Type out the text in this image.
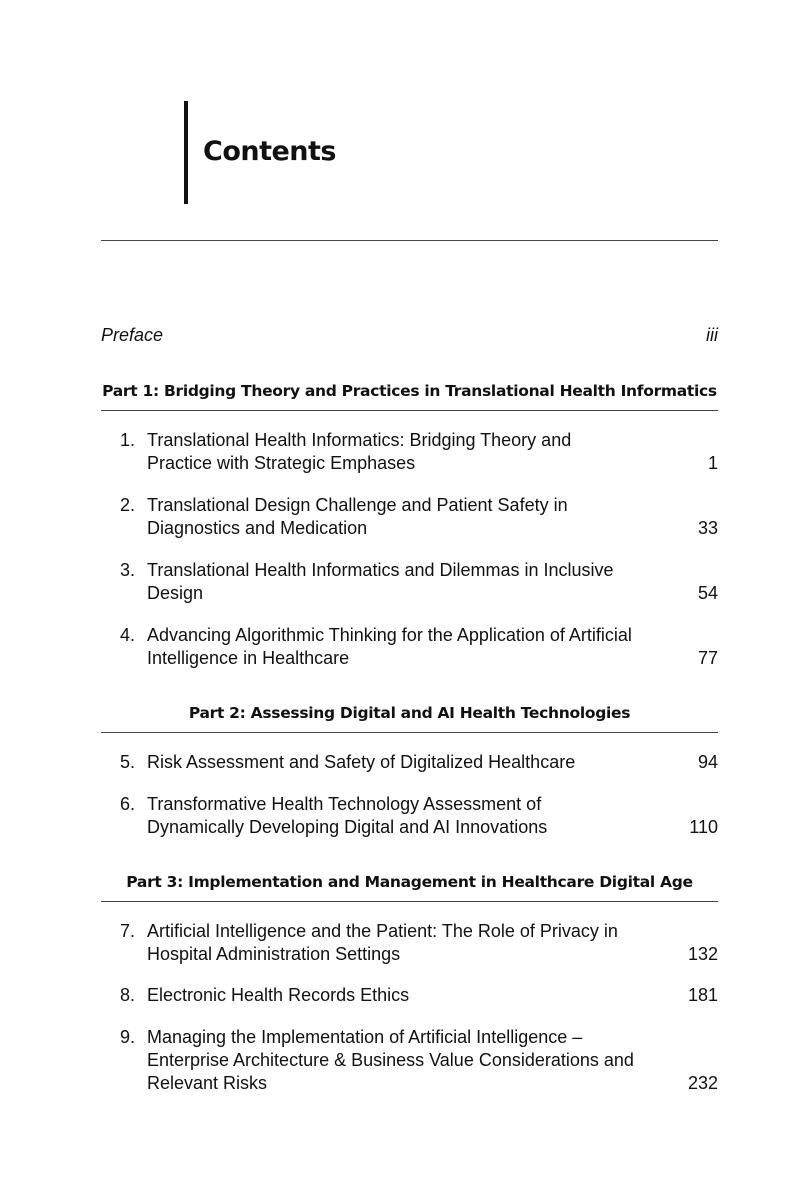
Contents
Preface	iii
Part 1: Bridging Theory and Practices in Translational Health Informatics
1. Translational Health Informatics: Bridging Theory and Practice with Strategic Emphases	1
2. Translational Design Challenge and Patient Safety in Diagnostics and Medication	33
3. Translational Health Informatics and Dilemmas in Inclusive Design	54
4. Advancing Algorithmic Thinking for the Application of Artificial Intelligence in Healthcare	77
Part 2: Assessing Digital and AI Health Technologies
5. Risk Assessment and Safety of Digitalized Healthcare	94
6. Transformative Health Technology Assessment of Dynamically Developing Digital and AI Innovations	110
Part 3: Implementation and Management in Healthcare Digital Age
7. Artificial Intelligence and the Patient: The Role of Privacy in Hospital Administration Settings	132
8. Electronic Health Records Ethics	181
9. Managing the Implementation of Artificial Intelligence – Enterprise Architecture & Business Value Considerations and Relevant Risks	232
